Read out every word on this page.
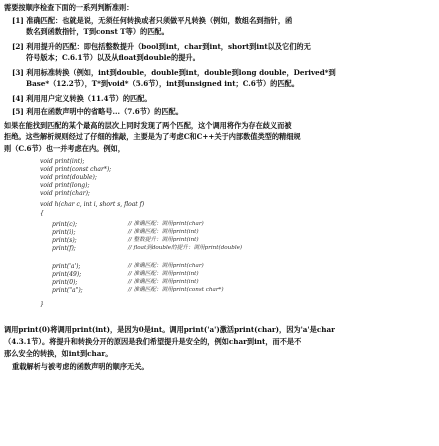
需要按顺序检查下面的一系列判断准则：
[1] 准确匹配：也就是说，无须任何转换或者只须做平凡转换（例如，数组名到指针，函
数名到函数指针，T到const T等）的匹配。
[2] 利用提升的匹配：即包括整数提升（bool到int，char到int，short到int以及它们的无
符号版本；C.6.1节）以及从float到double的提升。
[3] 利用标准转换（例如，int到double，double到int，double到long double，Derived*到
Base*（12.2节），T*到void*（5.6节），int到unsigned int；C.6节）的匹配。
[4] 利用用户定义转换（11.4节）的匹配。
[5] 利用在函数声明中的省略号...（7.6节）的匹配。
如果在能找到匹配的某个最高的层次上同时发现了两个匹配，这个调用将作为存在歧义而被
拒绝。这些解析规则经过了仔细的推敲，主要是为了考虑C和C++关于内部数值类型的精细规
则（C.6节）也一并考虑在内。例如，
void print(int);
void print(const char*);
void print(double);
void print(long);
void print(char);
void h(char c, int i, short s, float f)
{
print(c);	// 准确匹配：调用print(char)
print(i);	// 准确匹配：调用print(int)
print(s);	// 整数提升：调用print(int)
print(f);	// float到double的提升：调用print(double)
print('a');	// 准确匹配：调用print(char)
print(49);	// 准确匹配：调用print(int)
print(0);	// 准确匹配：调用print(int)
print("a");	// 准确匹配：调用print(const char*)
}
调用print(0)将调用print(int)，是因为0是int。调用print('a')激活print(char)，因为'a'是char
（4.3.1节）。将提升和转换分开的原因是我们希望提升是安全的，例如char到int，而不是不
那么安全的转换，如int到char。
重载解析与被考虑的函数声明的顺序无关。
